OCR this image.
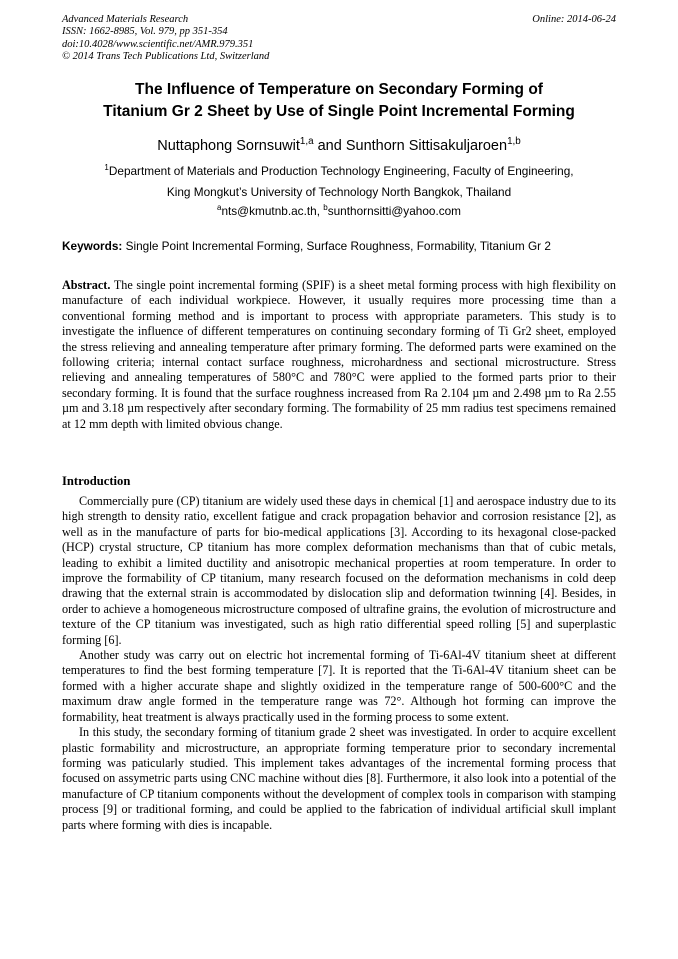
Advanced Materials Research
ISSN: 1662-8985, Vol. 979, pp 351-354
doi:10.4028/www.scientific.net/AMR.979.351
© 2014 Trans Tech Publications Ltd, Switzerland
Online: 2014-06-24
The Influence of Temperature on Secondary Forming of
Titanium Gr 2 Sheet by Use of Single Point Incremental Forming
Nuttaphong Sornsuwit$^{1,a}$ and Sunthorn Sittisakuljaroen$^{1,b}$
$^1$Department of Materials and Production Technology Engineering, Faculty of Engineering,
King Mongkut’s University of Technology North Bangkok, Thailand
$^a$nts@kmutnb.ac.th, $^b$sunthornsitti@yahoo.com
Keywords: Single Point Incremental Forming, Surface Roughness, Formability, Titanium Gr 2
Abstract. The single point incremental forming (SPIF) is a sheet metal forming process with high flexibility on manufacture of each individual workpiece. However, it usually requires more processing time than a conventional forming method and is important to process with appropriate parameters. This study is to investigate the influence of different temperatures on continuing secondary forming of Ti Gr2 sheet, employed the stress relieving and annealing temperature after primary forming. The deformed parts were examined on the following criteria; internal contact surface roughness, microhardness and sectional microstructure. Stress relieving and annealing temperatures of 580°C and 780°C were applied to the formed parts prior to their secondary forming. It is found that the surface roughness increased from Ra 2.104 µm and 2.498 µm to Ra 2.55 µm and 3.18 µm respectively after secondary forming. The formability of 25 mm radius test specimens remained at 12 mm depth with limited obvious change.
Introduction

Commercially pure (CP) titanium are widely used these days in chemical [1] and aerospace industry due to its high strength to density ratio, excellent fatigue and crack propagation behavior and corrosion resistance [2], as well as in the manufacture of parts for bio-medical applications [3]. According to its hexagonal close-packed (HCP) crystal structure, CP titanium has more complex deformation mechanisms than that of cubic metals, leading to exhibit a limited ductility and anisotropic mechanical properties at room temperature. In order to improve the formability of CP titanium, many research focused on the deformation mechanisms in cold deep drawing that the external strain is accommodated by dislocation slip and deformation twinning [4]. Besides, in order to achieve a homogeneous microstructure composed of ultrafine grains, the evolution of microstructure and texture of the CP titanium was investigated, such as high ratio differential speed rolling [5] and superplastic forming [6].

Another study was carry out on electric hot incremental forming of Ti-6Al-4V titanium sheet at different temperatures to find the best forming temperature [7]. It is reported that the Ti-6Al-4V titanium sheet can be formed with a higher accurate shape and slightly oxidized in the temperature range of 500-600°C and the maximum draw angle formed in the temperature range was 72°. Although hot forming can improve the formability, heat treatment is always practically used in the forming process to some extent.

In this study, the secondary forming of titanium grade 2 sheet was investigated. In order to acquire excellent plastic formability and microstructure, an appropriate forming temperature prior to secondary incremental forming was paticularly studied. This implement takes advantages of the incremental forming process that focused on assymetric parts using CNC machine without dies [8]. Furthermore, it also look into a potential of the manufacture of CP titanium components without the development of complex tools in comparison with stamping process [9] or traditional forming, and could be applied to the fabrication of individual artificial skull implant parts where forming with dies is incapable.
